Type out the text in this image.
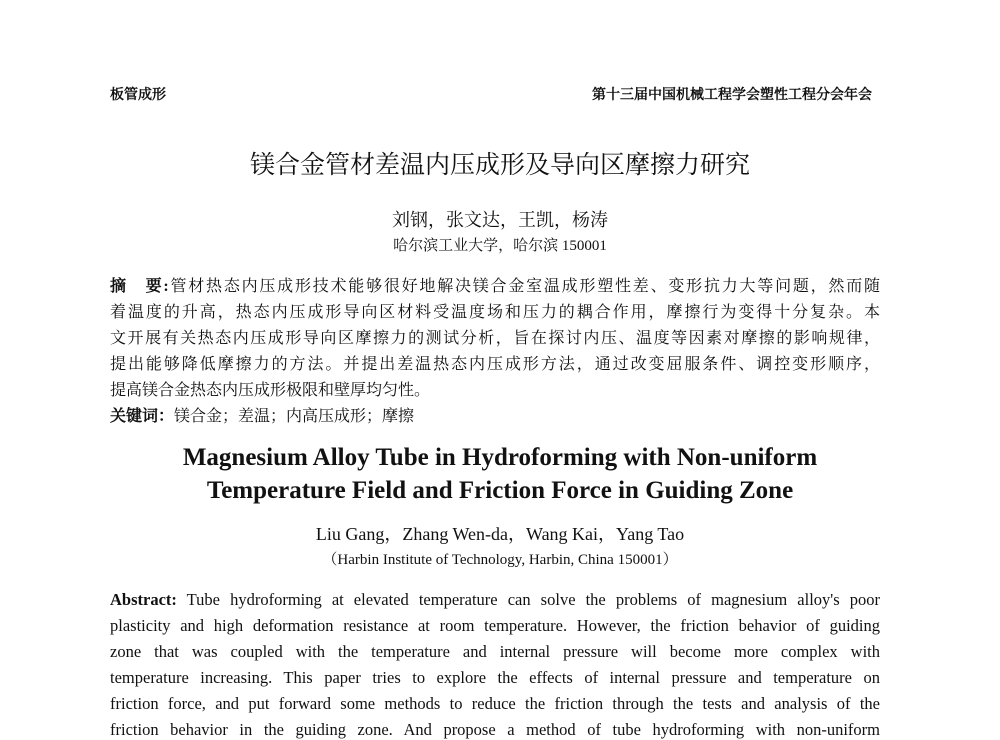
板管成形	第十三届中国机械工程学会塑性工程分会年会
镁合金管材差温内压成形及导向区摩擦力研究
刘钢，张文达，王凯，杨涛
哈尔滨工业大学，哈尔滨 150001
摘　要:管材热态内压成形技术能够很好地解决镁合金室温成形塑性差、变形抗力大等问题，然而随
着温度的升高，热态内压成形导向区材料受温度场和压力的耦合作用，摩擦行为变得十分复杂。本
文开展有关热态内压成形导向区摩擦力的测试分析，旨在探讨内压、温度等因素对摩擦的影响规律，
提出能够降低摩擦力的方法。并提出差温热态内压成形方法，通过改变屈服条件、调控变形顺序，
提高镁合金热态内压成形极限和壁厚均匀性。
关键词：镁合金；差温；内高压成形；摩擦
Magnesium Alloy Tube in Hydroforming with Non-uniform
Temperature Field and Friction Force in Guiding Zone
Liu Gang，Zhang Wen-da，Wang Kai，Yang Tao
（Harbin Institute of Technology, Harbin, China 150001）
Abstract: Tube hydroforming at elevated temperature can solve the problems of magnesium alloy's poor
plasticity and high deformation resistance at room temperature. However, the friction behavior of guiding
zone that was coupled with the temperature and internal pressure will become more complex with
temperature increasing. This paper tries to explore the effects of internal pressure and temperature on
friction force, and put forward some methods to reduce the friction through the tests and analysis of the
friction behavior in the guiding zone. And propose a method of tube hydroforming with non-uniform
